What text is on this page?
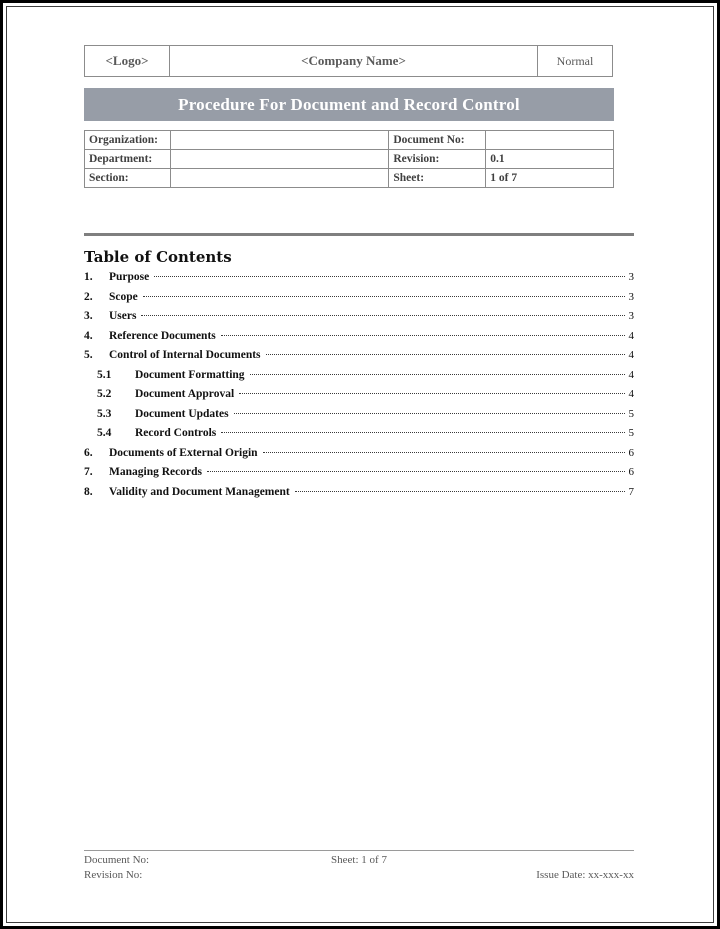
<Logo>	<Company Name>	Normal
Procedure For Document and Record Control
Organization:		Document No:	
Department:		Revision:	0.1
Section:		Sheet:	1 of 7
Table of Contents
1.	Purpose	3
2.	Scope	3
3.	Users	3
4.	Reference Documents	4
5.	Control of Internal Documents	4
5.1	Document Formatting	4
5.2	Document Approval	4
5.3	Document Updates	5
5.4	Record Controls	5
6.	Documents of External Origin	6
7.	Managing Records	6
8.	Validity and Document Management	7
Document No:
Revision No:
Sheet: 1 of 7

Issue Date: xx-xxx-xx
